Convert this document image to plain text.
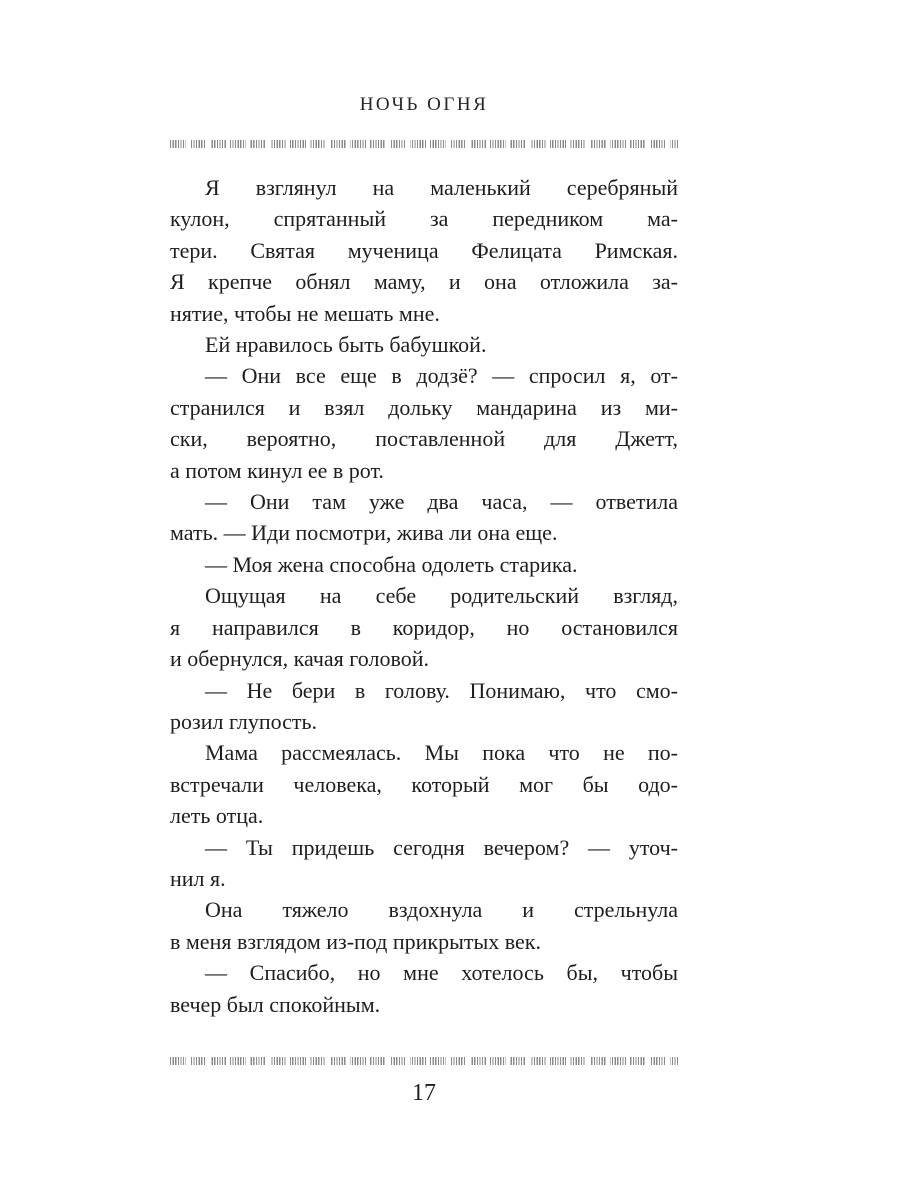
НОЧЬ ОГНЯ
Я взглянул на маленький серебряный
кулон, спрятанный за передником ма-
тери. Святая мученица Фелицата Римская.
Я крепче обнял маму, и она отложила за-
нятие, чтобы не мешать мне.
Ей нравилось быть бабушкой.
— Они все еще в додзё? — спросил я, от-
странился и взял дольку мандарина из ми-
ски, вероятно, поставленной для Джетт,
а потом кинул ее в рот.
— Они там уже два часа, — ответила
мать. — Иди посмотри, жива ли она еще.
— Моя жена способна одолеть старика.
Ощущая на себе родительский взгляд,
я направился в коридор, но остановился
и обернулся, качая головой.
— Не бери в голову. Понимаю, что смо-
розил глупость.
Мама рассмеялась. Мы пока что не по-
встречали человека, который мог бы одо-
леть отца.
— Ты придешь сегодня вечером? — уточ-
нил я.
Она тяжело вздохнула и стрельнула
в меня взглядом из-под прикрытых век.
— Спасибо, но мне хотелось бы, чтобы
вечер был спокойным.
17
